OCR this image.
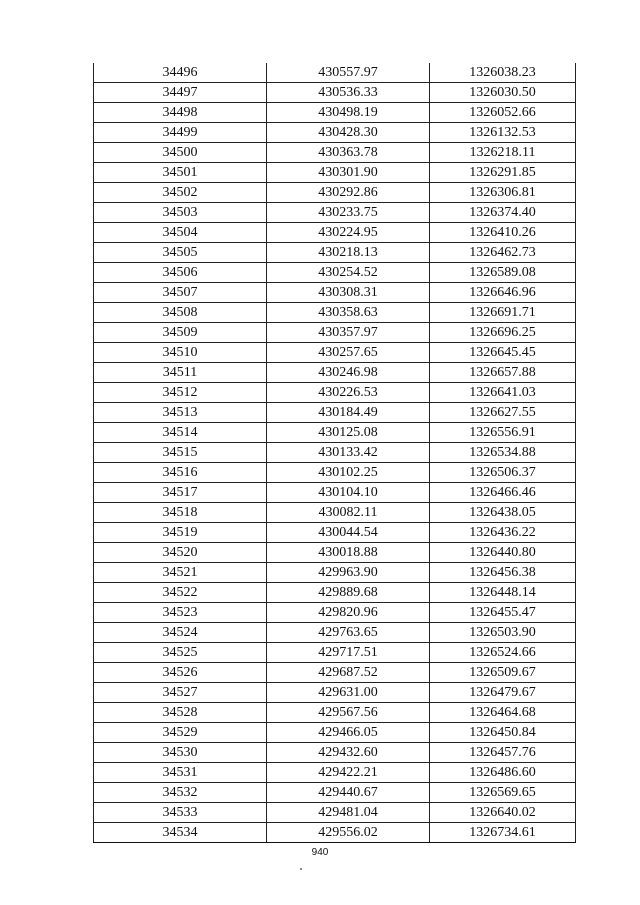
34496	430557.97	1326038.23
34497	430536.33	1326030.50
34498	430498.19	1326052.66
34499	430428.30	1326132.53
34500	430363.78	1326218.11
34501	430301.90	1326291.85
34502	430292.86	1326306.81
34503	430233.75	1326374.40
34504	430224.95	1326410.26
34505	430218.13	1326462.73
34506	430254.52	1326589.08
34507	430308.31	1326646.96
34508	430358.63	1326691.71
34509	430357.97	1326696.25
34510	430257.65	1326645.45
34511	430246.98	1326657.88
34512	430226.53	1326641.03
34513	430184.49	1326627.55
34514	430125.08	1326556.91
34515	430133.42	1326534.88
34516	430102.25	1326506.37
34517	430104.10	1326466.46
34518	430082.11	1326438.05
34519	430044.54	1326436.22
34520	430018.88	1326440.80
34521	429963.90	1326456.38
34522	429889.68	1326448.14
34523	429820.96	1326455.47
34524	429763.65	1326503.90
34525	429717.51	1326524.66
34526	429687.52	1326509.67
34527	429631.00	1326479.67
34528	429567.56	1326464.68
34529	429466.05	1326450.84
34530	429432.60	1326457.76
34531	429422.21	1326486.60
34532	429440.67	1326569.65
34533	429481.04	1326640.02
34534	429556.02	1326734.61
940
